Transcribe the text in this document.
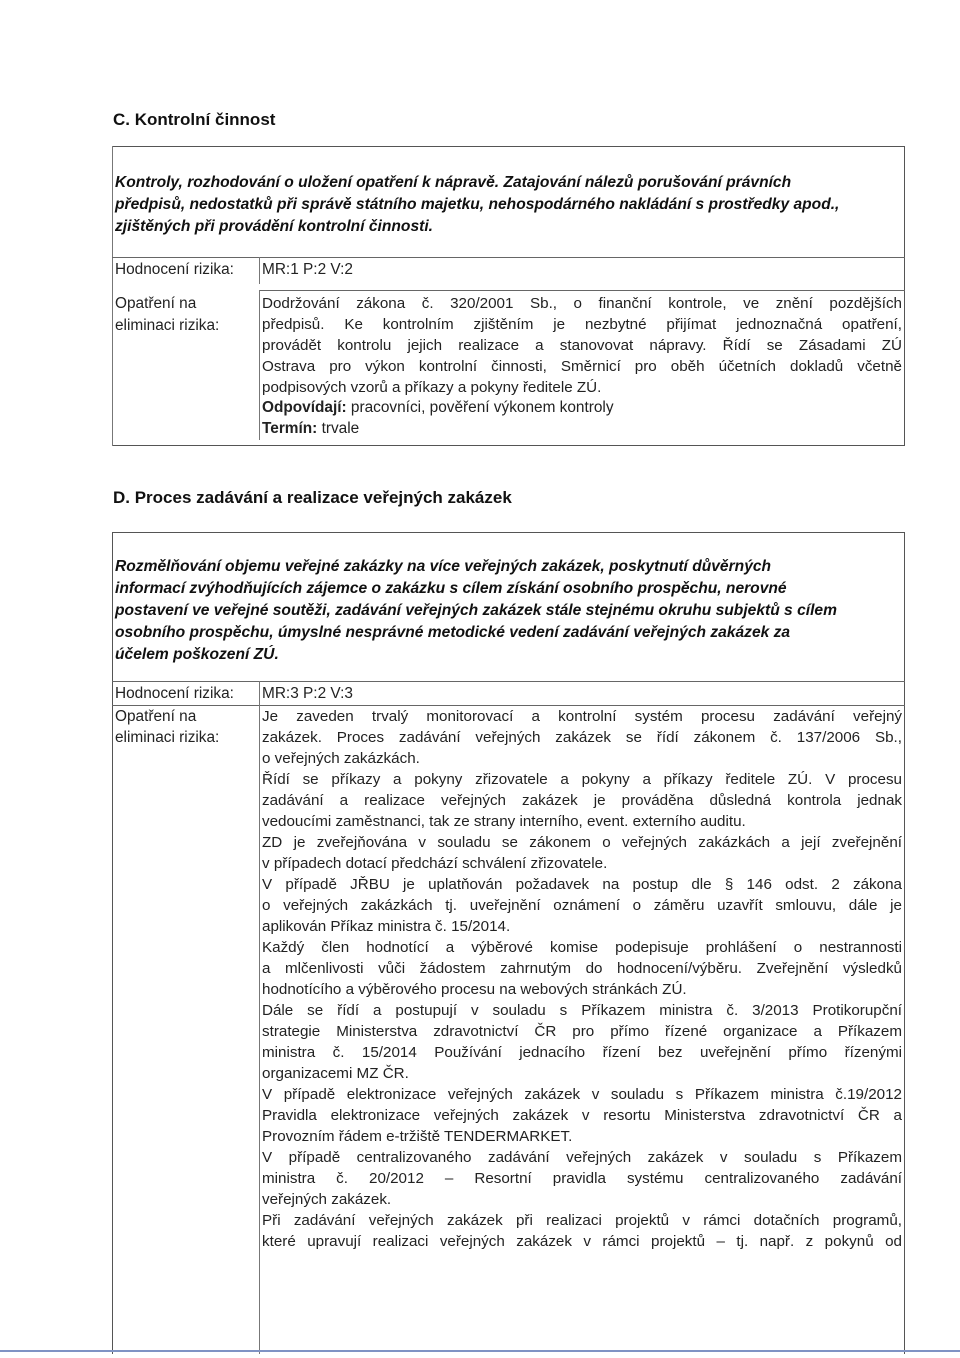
C. Kontrolní činnost
Kontroly, rozhodování o uložení opatření k nápravě. Zatajování nálezů porušování právních
předpisů, nedostatků při správě státního majetku, nehospodárného nakládání s prostředky apod.,
zjištěných při provádění kontrolní činnosti.
Hodnocení rizika: MR:1 P:2 V:2
Opatření na
eliminaci rizika:
Dodržování zákona č. 320/2001 Sb., o finanční kontrole, ve znění pozdějších
předpisů. Ke kontrolním zjištěním je nezbytné přijímat jednoznačná opatření,
provádět kontrolu jejich realizace a stanovovat nápravy. Řídí se Zásadami ZÚ
Ostrava pro výkon kontrolní činnosti, Směrnicí pro oběh účetních dokladů včetně
podpisových vzorů a příkazy a pokyny ředitele ZÚ.
Odpovídají: pracovníci, pověření výkonem kontroly
Termín: trvale
D. Proces zadávání a realizace veřejných zakázek
Rozmělňování objemu veřejné zakázky na více veřejných zakázek, poskytnutí důvěrných
informací zvýhodňujících zájemce o zakázku s cílem získání osobního prospěchu, nerovné
postavení ve veřejné soutěži, zadávání veřejných zakázek stále stejnému okruhu subjektů s cílem
osobního prospěchu, úmyslné nesprávné metodické vedení zadávání veřejných zakázek za
účelem poškození ZÚ.
Hodnocení rizika: MR:3 P:2 V:3
Opatření na
eliminaci rizika:
Je zaveden trvalý monitorovací a kontrolní systém procesu zadávání veřejný
zakázek. Proces zadávání veřejných zakázek se řídí zákonem č. 137/2006 Sb.,
o veřejných zakázkách.
Řídí se příkazy a pokyny zřizovatele a pokyny a příkazy ředitele ZÚ. V procesu
zadávání a realizace veřejných zakázek je prováděna důsledná kontrola jednak
vedoucími zaměstnanci, tak ze strany interního, event. externího auditu.
ZD je zveřejňována v souladu se zákonem o veřejných zakázkách a její zveřejnění
v případech dotací předchází schválení zřizovatele.
V případě JŘBU je uplatňován požadavek na postup dle § 146 odst. 2 zákona
o veřejných zakázkách tj. uveřejnění oznámení o záměru uzavřít smlouvu, dále je
aplikován Příkaz ministra č. 15/2014.
Každý člen hodnotící a výběrové komise podepisuje prohlášení o nestrannosti
a mlčenlivosti vůči žádostem zahrnutým do hodnocení/výběru. Zveřejnění výsledků
hodnotícího a výběrového procesu na webových stránkách ZÚ.
Dále se řídí a postupují v souladu s Příkazem ministra č. 3/2013 Protikorupční
strategie Ministerstva zdravotnictví ČR pro přímo řízené organizace a Příkazem
ministra č. 15/2014 Používání jednacího řízení bez uveřejnění přímo řízenými
organizacemi MZ ČR.
V případě elektronizace veřejných zakázek v souladu s Příkazem ministra č.19/2012
Pravidla elektronizace veřejných zakázek v resortu Ministerstva zdravotnictví ČR a
Provozním řádem e-tržiště TENDERMARKET.
V případě centralizovaného zadávání veřejných zakázek v souladu s Příkazem
ministra č. 20/2012 – Resortní pravidla systému centralizovaného zadávání
veřejných zakázek.
Při zadávání veřejných zakázek při realizaci projektů v rámci dotačních programů,
které upravují realizaci veřejných zakázek v rámci projektů – tj. např. z pokynů od
